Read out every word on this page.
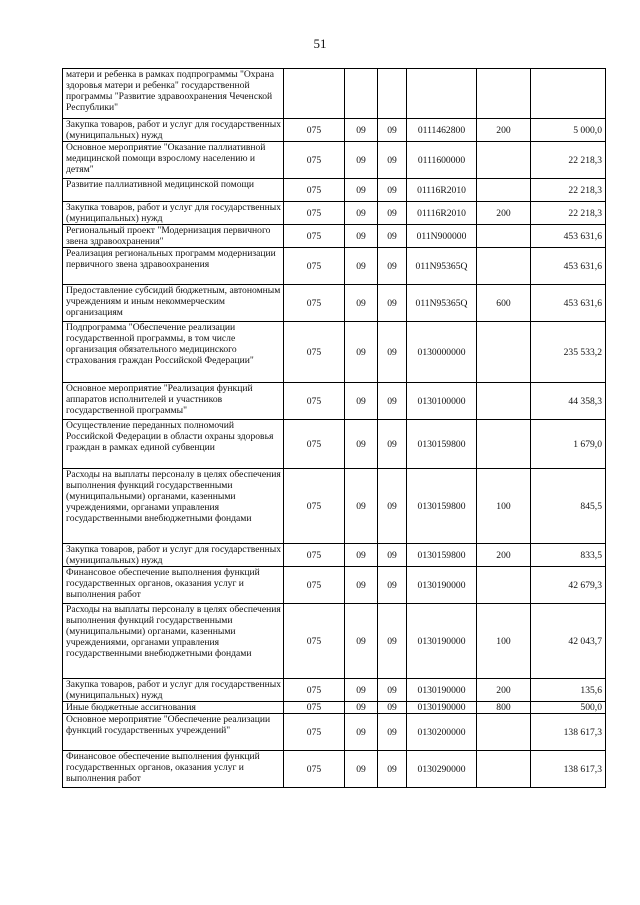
51
матери и ребенка в рамках подпрограммы "Охрана здоровья матери и ребенка" государственной программы "Развитие здравоохранения Чеченской Республики"						
Закупка товаров, работ и услуг для государственных (муниципальных) нужд	075	09	09	0111462800	200	5 000,0
Основное мероприятие "Оказание паллиативной медицинской помощи взрослому населению и детям"	075	09	09	0111600000		22 218,3
Развитие паллиативной медицинской помощи	075	09	09	01116R2010		22 218,3
Закупка товаров, работ и услуг для государственных (муниципальных) нужд	075	09	09	01116R2010	200	22 218,3
Региональный проект "Модернизация первичного звена здравоохранения"	075	09	09	011N900000		453 631,6
Реализация региональных программ модернизации первичного звена здравоохранения	075	09	09	011N95365Q		453 631,6
Предоставление субсидий бюджетным, автономным учреждениям и иным некоммерческим организациям	075	09	09	011N95365Q	600	453 631,6
Подпрограмма "Обеспечение реализации государственной программы, в том числе организация обязательного медицинского страхования граждан Российской Федерации"	075	09	09	0130000000		235 533,2
Основное мероприятие "Реализация функций аппаратов исполнителей и участников государственной программы"	075	09	09	0130100000		44 358,3
Осуществление переданных полномочий Российской Федерации в области охраны здоровья граждан в рамках единой субвенции	075	09	09	0130159800		1 679,0
Расходы на выплаты персоналу в целях обеспечения выполнения функций государственными (муниципальными) органами, казенными учреждениями, органами управления государственными внебюджетными фондами	075	09	09	0130159800	100	845,5
Закупка товаров, работ и услуг для государственных (муниципальных) нужд	075	09	09	0130159800	200	833,5
Финансовое обеспечение выполнения функций государственных органов, оказания услуг и выполнения работ	075	09	09	0130190000		42 679,3
Расходы на выплаты персоналу в целях обеспечения выполнения функций государственными (муниципальными) органами, казенными учреждениями, органами управления государственными внебюджетными фондами	075	09	09	0130190000	100	42 043,7
Закупка товаров, работ и услуг для государственных (муниципальных) нужд	075	09	09	0130190000	200	135,6
Иные бюджетные ассигнования	075	09	09	0130190000	800	500,0
Основное мероприятие "Обеспечение реализации функций государственных учреждений"	075	09	09	0130200000		138 617,3
Финансовое обеспечение выполнения функций государственных органов, оказания услуг и выполнения работ	075	09	09	0130290000		138 617,3
